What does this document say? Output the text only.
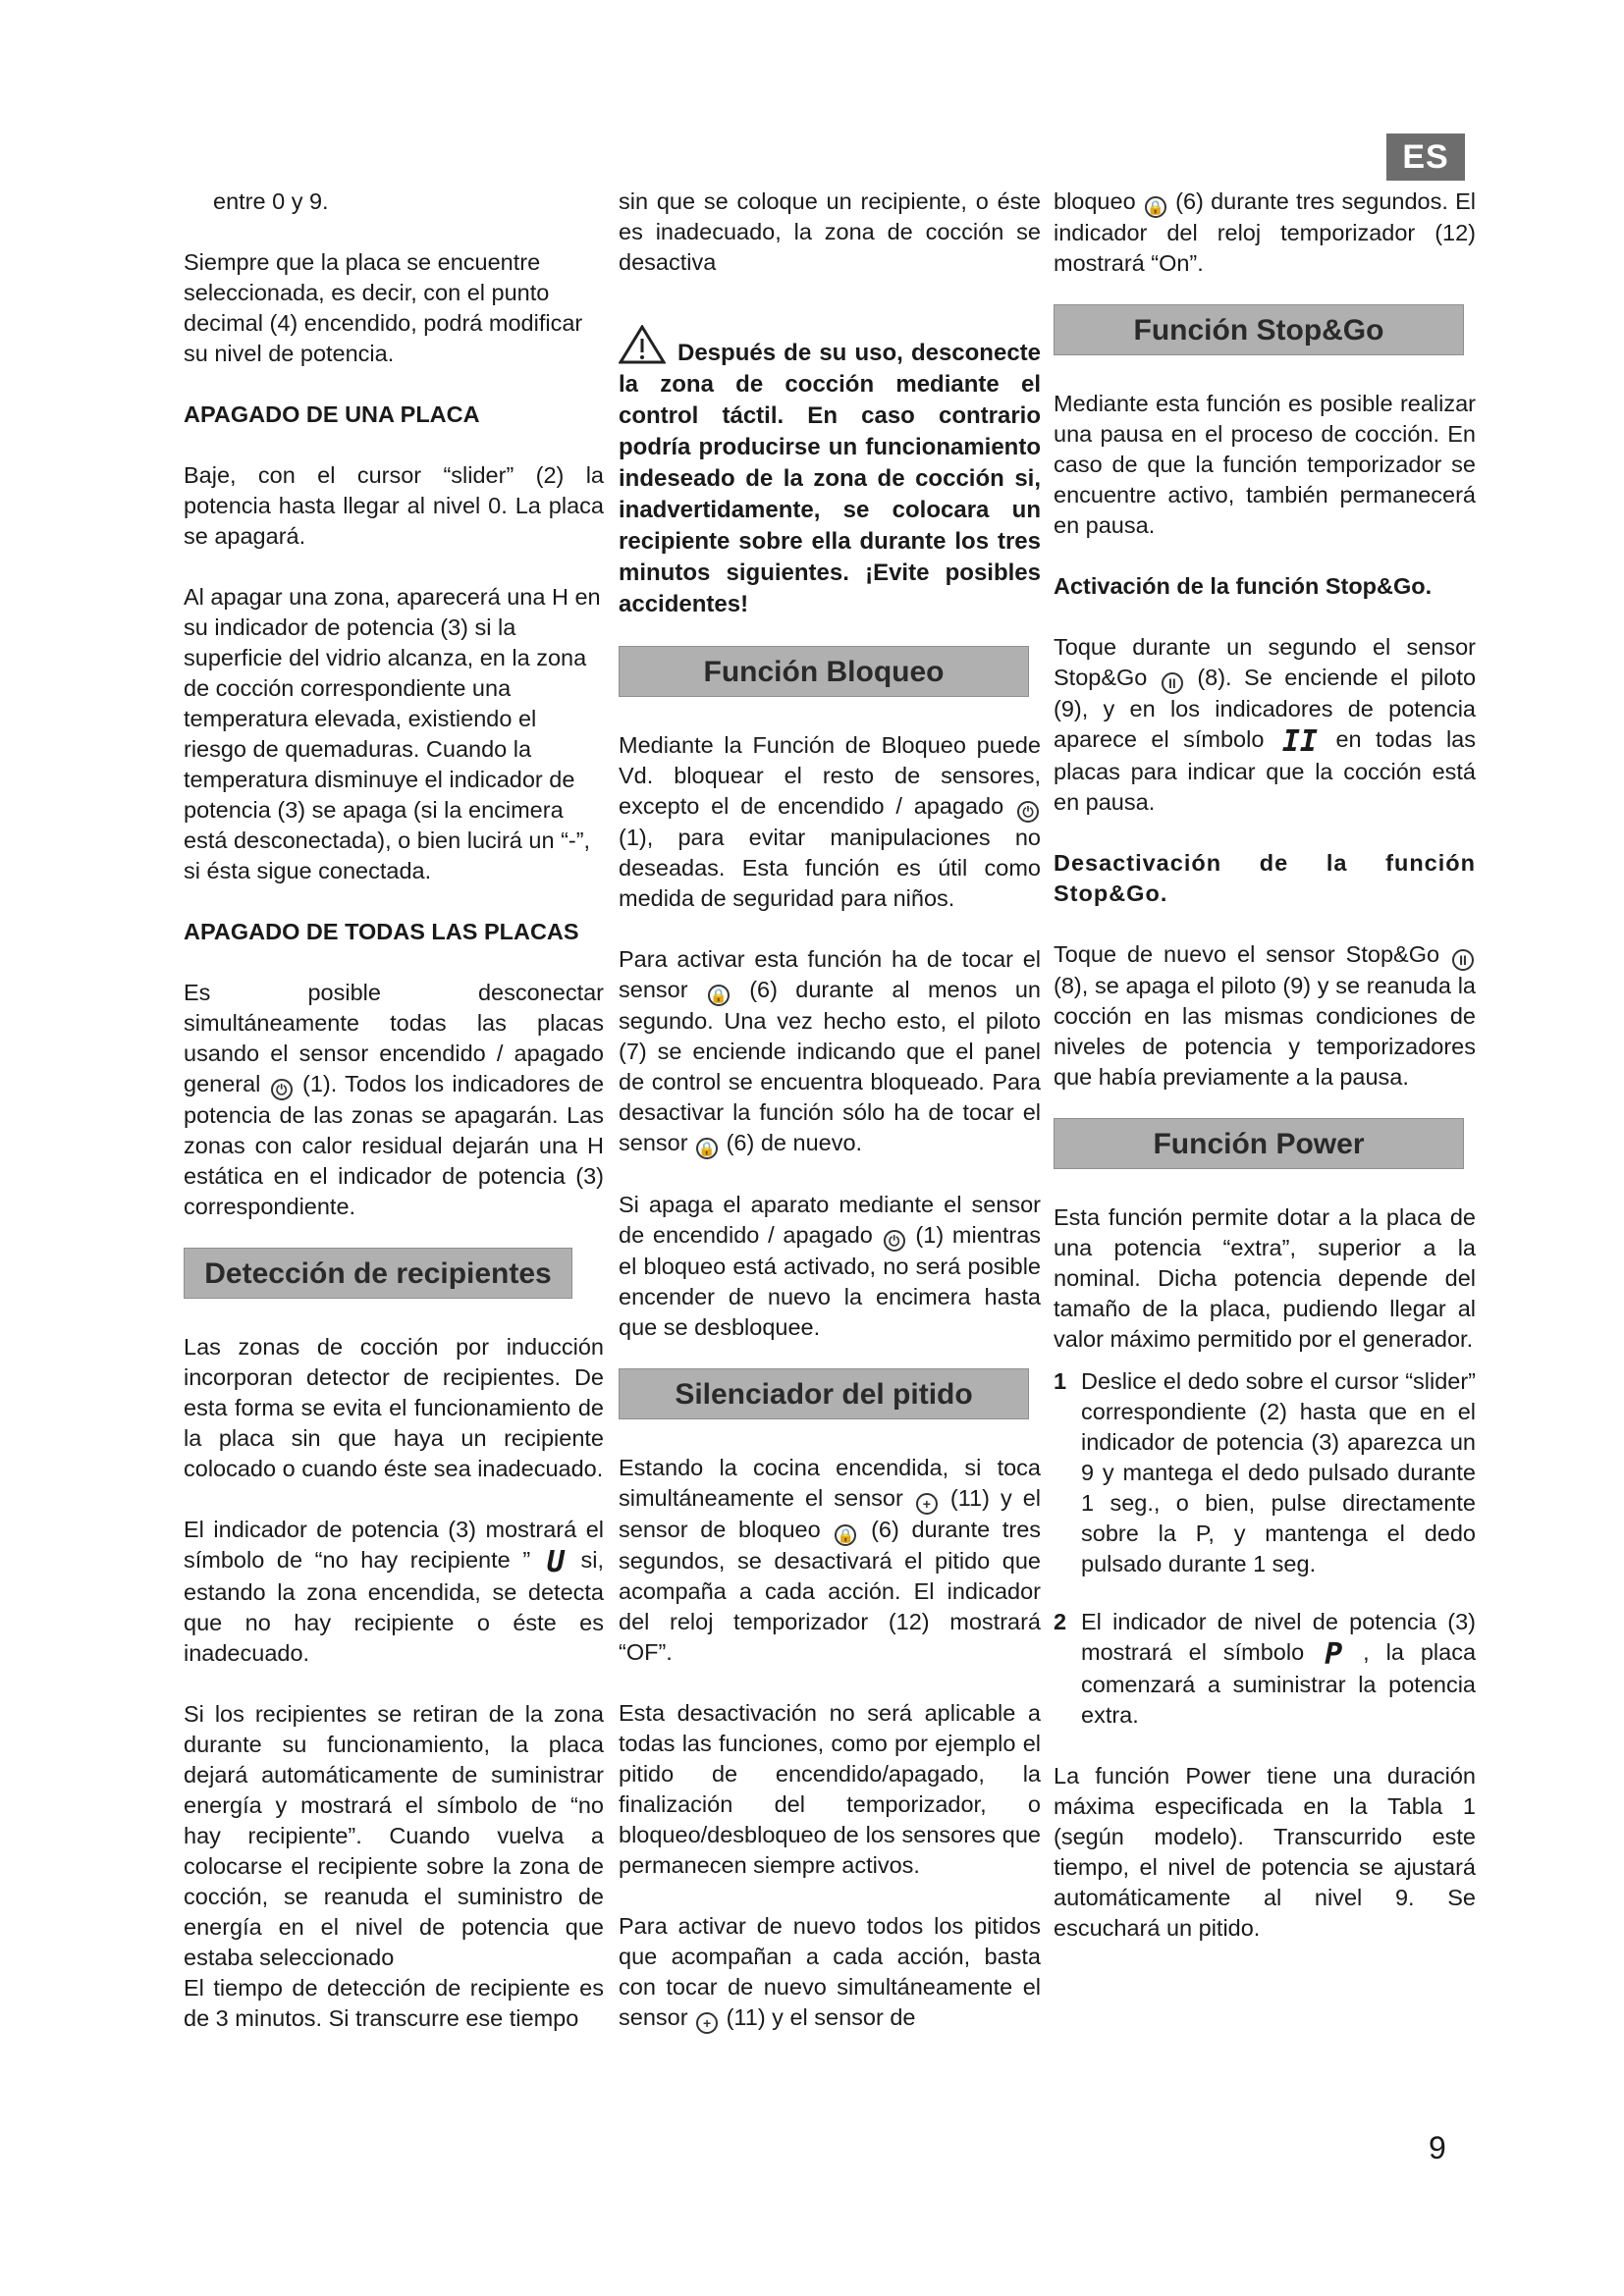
ES

entre 0 y 9.

Siempre que la placa se encuentre seleccionada, es decir, con el punto decimal (4) encendido, podrá modificar su nivel de potencia.

APAGADO DE UNA PLACA

Baje, con el cursor “slider” (2) la potencia hasta llegar al nivel 0. La placa se apagará.

Al apagar una zona, aparecerá una H en su indicador de potencia (3) si la superficie del vidrio alcanza, en la zona de cocción correspondiente una temperatura elevada, existiendo el riesgo de quemaduras. Cuando la temperatura disminuye el indicador de potencia (3) se apaga (si la encimera está desconectada), o bien lucirá un “-”, si ésta sigue conectada.

APAGADO DE TODAS LAS PLACAS

Es posible desconectar simultáneamente todas las placas usando el sensor encendido / apagado general ⏻ (1). Todos los indicadores de potencia de las zonas se apagarán. Las zonas con calor residual dejarán una H estática en el indicador de potencia (3) correspondiente.

Detección de recipientes

Las zonas de cocción por inducción incorporan detector de recipientes. De esta forma se evita el funcionamiento de la placa sin que haya un recipiente colocado o cuando éste sea inadecuado.

El indicador de potencia (3) mostrará el símbolo de “no hay recipiente ” U si, estando la zona encendida, se detecta que no hay recipiente o éste es inadecuado.

Si los recipientes se retiran de la zona durante su funcionamiento, la placa dejará automáticamente de suministrar energía y mostrará el símbolo de “no hay recipiente”. Cuando vuelva a colocarse el recipiente sobre la zona de cocción, se reanuda el suministro de energía en el nivel de potencia que estaba seleccionado

El tiempo de detección de recipiente es de 3 minutos. Si transcurre ese tiempo

sin que se coloque un recipiente, o éste es inadecuado, la zona de cocción se desactiva

Después de su uso, desconecte la zona de cocción mediante el control táctil. En caso contrario podría producirse un funcionamiento indeseado de la zona de cocción si, inadvertidamente, se colocara un recipiente sobre ella durante los tres minutos siguientes. ¡Evite posibles accidentes!

Función Bloqueo

Mediante la Función de Bloqueo puede Vd. bloquear el resto de sensores, excepto el de encendido / apagado ⏻ (1), para evitar manipulaciones no deseadas. Esta función es útil como medida de seguridad para niños.

Para activar esta función ha de tocar el sensor 🔒 (6) durante al menos un segundo. Una vez hecho esto, el piloto (7) se enciende indicando que el panel de control se encuentra bloqueado. Para desactivar la función sólo ha de tocar el sensor 🔒 (6) de nuevo.

Si apaga el aparato mediante el sensor de encendido / apagado ⏻ (1) mientras el bloqueo está activado, no será posible encender de nuevo la encimera hasta que se desbloquee.

Silenciador del pitido

Estando la cocina encendida, si toca simultáneamente el sensor + (11) y el sensor de bloqueo 🔒 (6) durante tres segundos, se desactivará el pitido que acompaña a cada acción. El indicador del reloj temporizador (12) mostrará “OF”.

Esta desactivación no será aplicable a todas las funciones, como por ejemplo el pitido de encendido/apagado, la finalización del temporizador, o bloqueo/desbloqueo de los sensores que permanecen siempre activos.

Para activar de nuevo todos los pitidos que acompañan a cada acción, basta con tocar de nuevo simultáneamente el sensor + (11) y el sensor de

bloqueo 🔒 (6) durante tres segundos. El indicador del reloj temporizador (12) mostrará “On”.

Función Stop&Go

Mediante esta función es posible realizar una pausa en el proceso de cocción. En caso de que la función temporizador se encuentre activo, también permanecerá en pausa.

Activación de la función Stop&Go.

Toque durante un segundo el sensor Stop&Go II (8). Se enciende el piloto (9), y en los indicadores de potencia aparece el símbolo II en todas las placas para indicar que la cocción está en pausa.

Desactivación de la función Stop&Go.

Toque de nuevo el sensor Stop&Go II (8), se apaga el piloto (9) y se reanuda la cocción en las mismas condiciones de niveles de potencia y temporizadores que había previamente a la pausa.

Función Power

Esta función permite dotar a la placa de una potencia “extra”, superior a la nominal. Dicha potencia depende del tamaño de la placa, pudiendo llegar al valor máximo permitido por el generador.

1 Deslice el dedo sobre el cursor “slider” correspondiente (2) hasta que en el indicador de potencia (3) aparezca un 9 y mantega el dedo pulsado durante 1 seg., o bien, pulse directamente sobre la P, y mantenga el dedo pulsado durante 1 seg.
2 El indicador de nivel de potencia (3) mostrará el símbolo P , la placa comenzará a suministrar la potencia extra.

La función Power tiene una duración máxima especificada en la Tabla 1 (según modelo). Transcurrido este tiempo, el nivel de potencia se ajustará automáticamente al nivel 9. Se escuchará un pitido.

9
